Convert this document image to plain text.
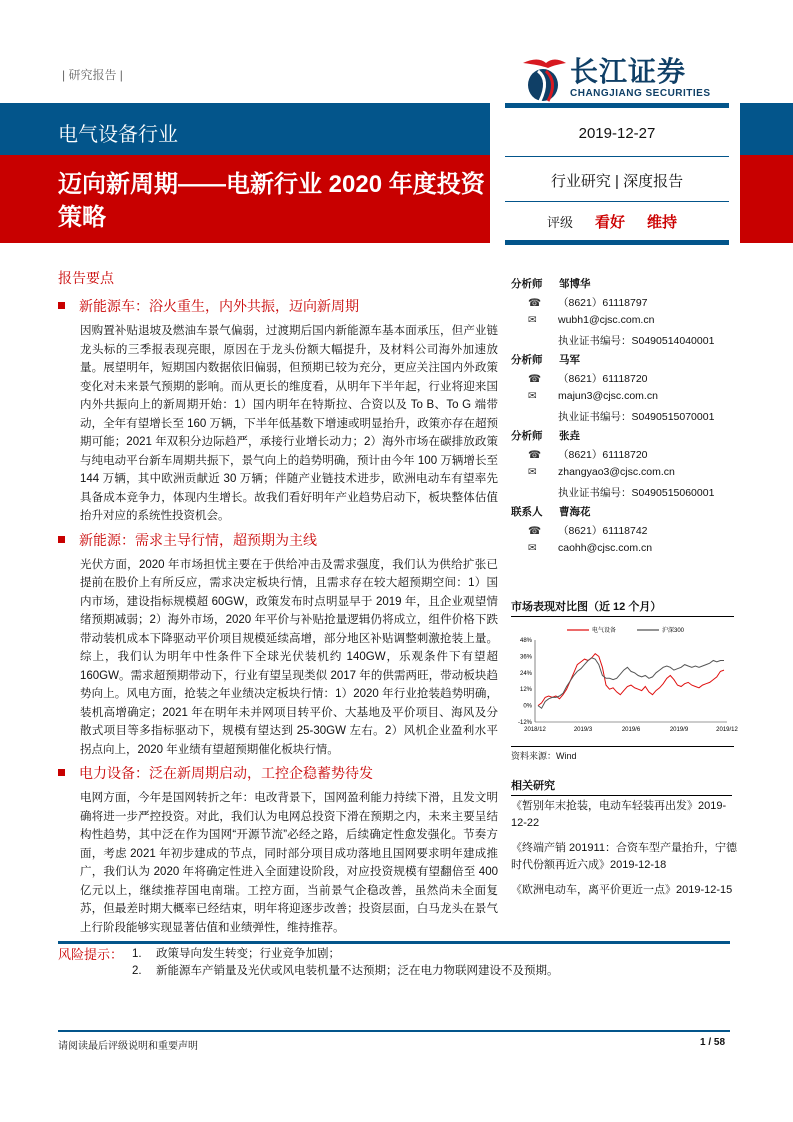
| 研究报告 |	长江证券
CHANGJIANG SECURITIES
电气设备行业
迈向新周期——电新行业 2020 年度投资策略
2019-12-27
行业研究 | 深度报告
评级 看好 维持
报告要点
新能源车：浴火重生，内外共振，迈向新周期
因购置补贴退坡及燃油车景气偏弱，过渡期后国内新能源车基本面承压，但产业链龙头标的三季报表现亮眼，原因在于龙头份额大幅提升，及材料公司海外加速放量。展望明年，短期国内数据依旧偏弱，但预期已较为充分，更应关注国内外政策变化对未来景气预期的影响。而从更长的维度看，从明年下半年起，行业将迎来国内外共振向上的新周期开始：1）国内明年在特斯拉、合资以及 To B、To G 端带动，全年有望增长至 160 万辆，下半年低基数下增速或明显抬升，政策亦存在超预期可能；2021 年双积分边际趋严，承接行业增长动力；2）海外市场在碳排放政策与纯电动平台新车周期共振下，景气向上的趋势明确，预计由今年 100 万辆增长至 144 万辆，其中欧洲贡献近 30 万辆；伴随产业链技术进步，欧洲电动车有望率先具备成本竞争力，体现内生增长。故我们看好明年产业趋势启动下，板块整体估值抬升对应的系统性投资机会。
新能源：需求主导行情，超预期为主线
光伏方面，2020 年市场担忧主要在于供给冲击及需求强度，我们认为供给扩张已提前在股价上有所反应，需求决定板块行情，且需求存在较大超预期空间：1）国内市场，建设指标规模超 60GW，政策发布时点明显早于 2019 年，且企业观望情绪预期减弱；2）海外市场，2020 年平价与补贴抢量逻辑仍将成立，组件价格下跌带动装机成本下降驱动平价项目规模延续高增，部分地区补贴调整刺激抢装上量。综上，我们认为明年中性条件下全球光伏装机约 140GW，乐观条件下有望超 160GW。需求超预期带动下，行业有望呈现类似 2017 年的供需两旺，带动板块趋势向上。风电方面，抢装之年业绩决定板块行情：1）2020 年行业抢装趋势明确，装机高增确定；2021 年在明年未并网项目转平价、大基地及平价项目、海风及分散式项目等多指标驱动下，规模有望达到 25-30GW 左右。2）风机企业盈利水平拐点向上，2020 年业绩有望超预期催化板块行情。
电力设备：泛在新周期启动，工控企稳蓄势待发
电网方面，今年是国网转折之年：电改背景下，国网盈利能力持续下滑，且发文明确将进一步严控投资。对此，我们认为电网总投资下滑在预期之内，未来主要呈结构性趋势，其中泛在作为国网“开源节流”必经之路，后续确定性愈发强化。节奏方面，考虑 2021 年初步建成的节点，同时部分项目成功落地且国网要求明年建成推广，我们认为 2020 年将确定性进入全面建设阶段，对应投资规模有望翻倍至 400 亿元以上，继续推荐国电南瑞。工控方面，当前景气企稳改善，虽然尚未全面复苏，但最差时期大概率已经结束，明年将迎逐步改善；投资层面，白马龙头在景气上行阶段能够实现显著估值和业绩弹性，维持推荐。
风险提示： 1. 政策导向发生转变；行业竞争加剧；
2. 新能源车产销量及光伏或风电装机量不达预期；泛在电力物联网建设不及预期。
请阅读最后评级说明和重要声明	1 / 58
分析师 邹博华
☎ （8621）61118797
✉ wubh1@cjsc.com.cn
执业证书编号：S0490514040001
分析师 马军
☎ （8621）61118720
✉ majun3@cjsc.com.cn
执业证书编号：S0490515070001
分析师 张垚
☎ （8621）61118720
✉ zhangyao3@cjsc.com.cn
执业证书编号：S0490515060001
联系人 曹海花
☎ （8621）61118742
✉ caohh@cjsc.com.cn
市场表现对比图（近 12 个月）
-12%
0%
12%
24%
36%
48%
2018/12	2019/3	2019/6	2019/9	2019/12
电气设备	沪深300
资料来源：Wind
相关研究
《暂别年末抢装，电动车轻装再出发》2019-12-22
《终端产销 201911：合资车型产量抬升，宁德时代份额再近六成》2019-12-18
《欧洲电动车，离平价更近一点》2019-12-15
